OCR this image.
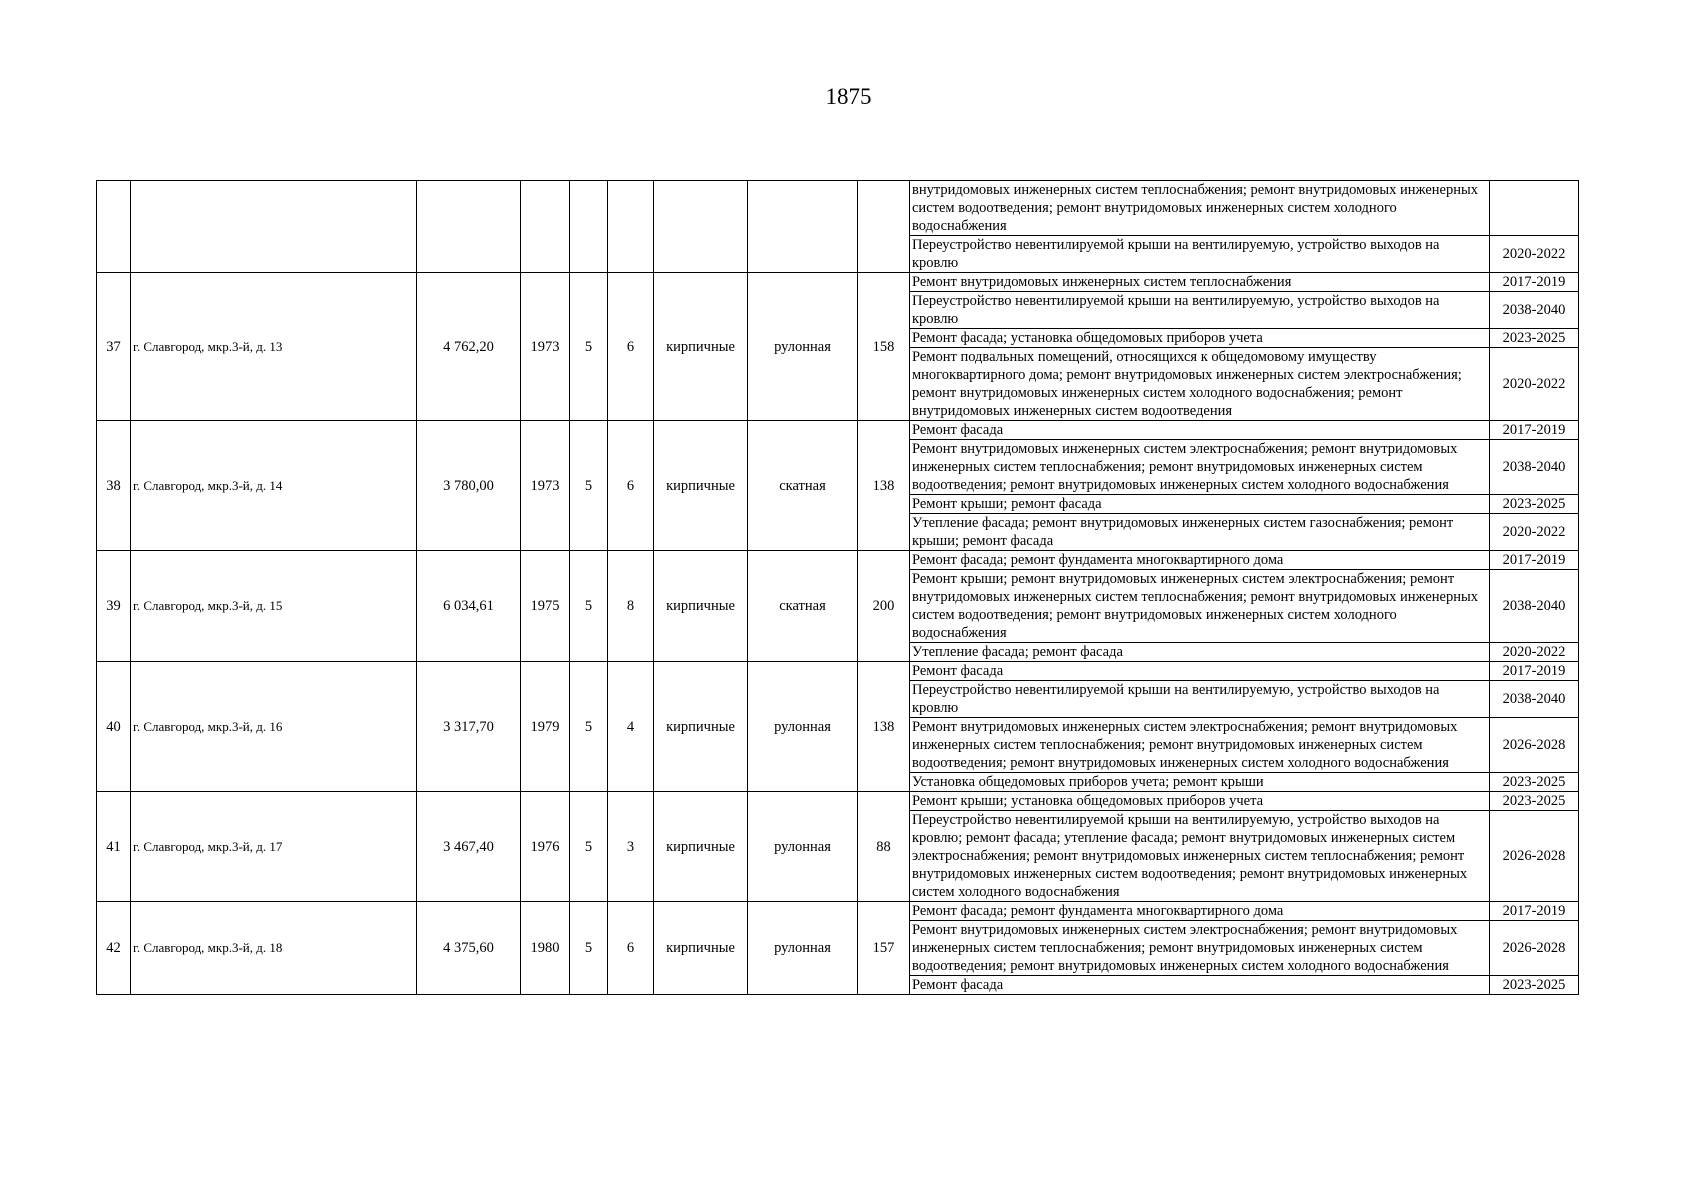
1875
									внутридомовых инженерных систем теплоснабжения; ремонт внутридомовых инженерных систем водоотведения; ремонт внутридомовых инженерных систем холодного водоснабжения	
									Переустройство невентилируемой крыши на вентилируемую, устройство выходов на кровлю	2020-2022
37	г. Славгород, мкр.3-й, д. 13	4 762,20	1973	5	6	кирпичные	рулонная	158	Ремонт внутридомовых инженерных систем теплоснабжения	2017-2019
									Переустройство невентилируемой крыши на вентилируемую, устройство выходов на кровлю	2038-2040
									Ремонт фасада; установка общедомовых приборов учета	2023-2025
									Ремонт подвальных помещений, относящихся к общедомовому имуществу многоквартирного дома; ремонт внутридомовых инженерных систем электроснабжения; ремонт внутридомовых инженерных систем холодного водоснабжения; ремонт внутридомовых инженерных систем водоотведения	2020-2022
38	г. Славгород, мкр.3-й, д. 14	3 780,00	1973	5	6	кирпичные	скатная	138	Ремонт фасада	2017-2019
									Ремонт внутридомовых инженерных систем электроснабжения; ремонт внутридомовых инженерных систем теплоснабжения; ремонт внутридомовых инженерных систем водоотведения; ремонт внутридомовых инженерных систем холодного водоснабжения	2038-2040
									Ремонт крыши; ремонт фасада	2023-2025
									Утепление фасада; ремонт внутридомовых инженерных систем газоснабжения; ремонт крыши; ремонт фасада	2020-2022
39	г. Славгород, мкр.3-й, д. 15	6 034,61	1975	5	8	кирпичные	скатная	200	Ремонт фасада; ремонт фундамента многоквартирного дома	2017-2019
									Ремонт крыши; ремонт внутридомовых инженерных систем электроснабжения; ремонт внутридомовых инженерных систем теплоснабжения; ремонт внутридомовых инженерных систем водоотведения; ремонт внутридомовых инженерных систем холодного водоснабжения	2038-2040
									Утепление фасада; ремонт фасада	2020-2022
40	г. Славгород, мкр.3-й, д. 16	3 317,70	1979	5	4	кирпичные	рулонная	138	Ремонт фасада	2017-2019
									Переустройство невентилируемой крыши на вентилируемую, устройство выходов на кровлю	2038-2040
									Ремонт внутридомовых инженерных систем электроснабжения; ремонт внутридомовых инженерных систем теплоснабжения; ремонт внутридомовых инженерных систем водоотведения; ремонт внутридомовых инженерных систем холодного водоснабжения	2026-2028
									Установка общедомовых приборов учета; ремонт крыши	2023-2025
41	г. Славгород, мкр.3-й, д. 17	3 467,40	1976	5	3	кирпичные	рулонная	88	Ремонт крыши; установка общедомовых приборов учета	2023-2025
									Переустройство невентилируемой крыши на вентилируемую, устройство выходов на кровлю; ремонт фасада; утепление фасада; ремонт внутридомовых инженерных систем электроснабжения; ремонт внутридомовых инженерных систем теплоснабжения; ремонт внутридомовых инженерных систем водоотведения; ремонт внутридомовых инженерных систем холодного водоснабжения	2026-2028
42	г. Славгород, мкр.3-й, д. 18	4 375,60	1980	5	6	кирпичные	рулонная	157	Ремонт фасада; ремонт фундамента многоквартирного дома	2017-2019
									Ремонт внутридомовых инженерных систем электроснабжения; ремонт внутридомовых инженерных систем теплоснабжения; ремонт внутридомовых инженерных систем водоотведения; ремонт внутридомовых инженерных систем холодного водоснабжения	2026-2028
									Ремонт фасада	2023-2025
